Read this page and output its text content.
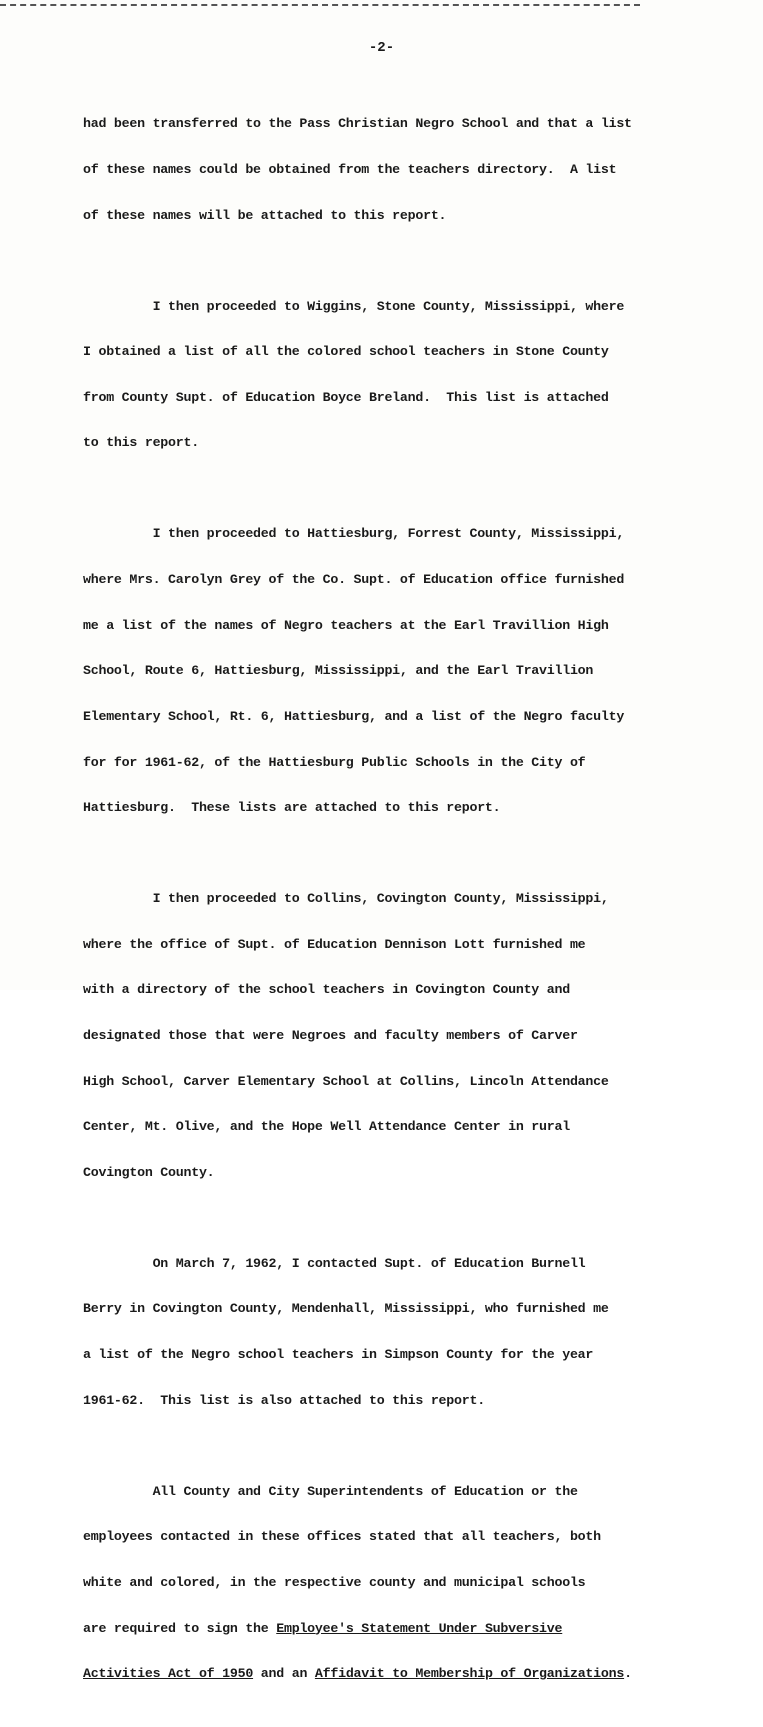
-2-

had been transferred to the Pass Christian Negro School and that a list

of these names could be obtained from the teachers directory.  A list

of these names will be attached to this report.

I then proceeded to Wiggins, Stone County, Mississippi, where

I obtained a list of all the colored school teachers in Stone County

from County Supt. of Education Boyce Breland.  This list is attached

to this report.

I then proceeded to Hattiesburg, Forrest County, Mississippi,

where Mrs. Carolyn Grey of the Co. Supt. of Education office furnished

me a list of the names of Negro teachers at the Earl Travillion High

School, Route 6, Hattiesburg, Mississippi, and the Earl Travillion

Elementary School, Rt. 6, Hattiesburg, and a list of the Negro faculty

for for 1961-62, of the Hattiesburg Public Schools in the City of

Hattiesburg.  These lists are attached to this report.

I then proceeded to Collins, Covington County, Mississippi,

where the office of Supt. of Education Dennison Lott furnished me

with a directory of the school teachers in Covington County and

designated those that were Negroes and faculty members of Carver

High School, Carver Elementary School at Collins, Lincoln Attendance

Center, Mt. Olive, and the Hope Well Attendance Center in rural

Covington County.

On March 7, 1962, I contacted Supt. of Education Burnell

Berry in Covington County, Mendenhall, Mississippi, who furnished me

a list of the Negro school teachers in Simpson County for the year

1961-62.  This list is also attached to this report.

All County and City Superintendents of Education or the

employees contacted in these offices stated that all teachers, both

white and colored, in the respective county and municipal schools

are required to sign the Employee's Statement Under Subversive

Activities Act of 1950 and an Affidavit to Membership of Organizations.
